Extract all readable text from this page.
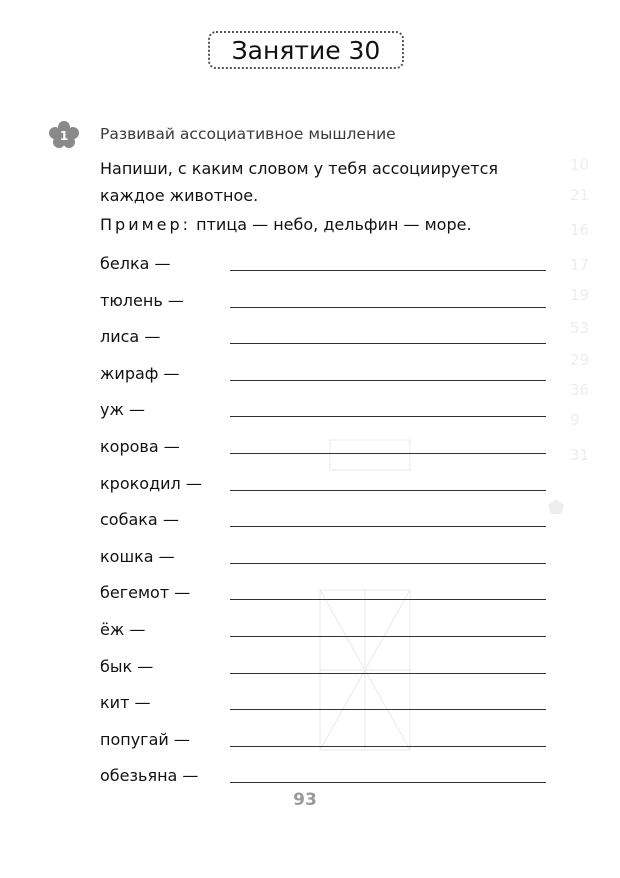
10
21
16
17
19
53
29
36
9
31
Занятие 30
1 Развивай ассоциативное мышление
Напиши, с каким словом у тебя ассоциируется каждое животное.
Пример: птица — небо, дельфин — море.
белка —
тюлень —
лиса —
жираф —
уж —
корова —
крокодил —
собака —
кошка —
бегемот —
ёж —
бык —
кит —
попугай —
обезьяна —
93
